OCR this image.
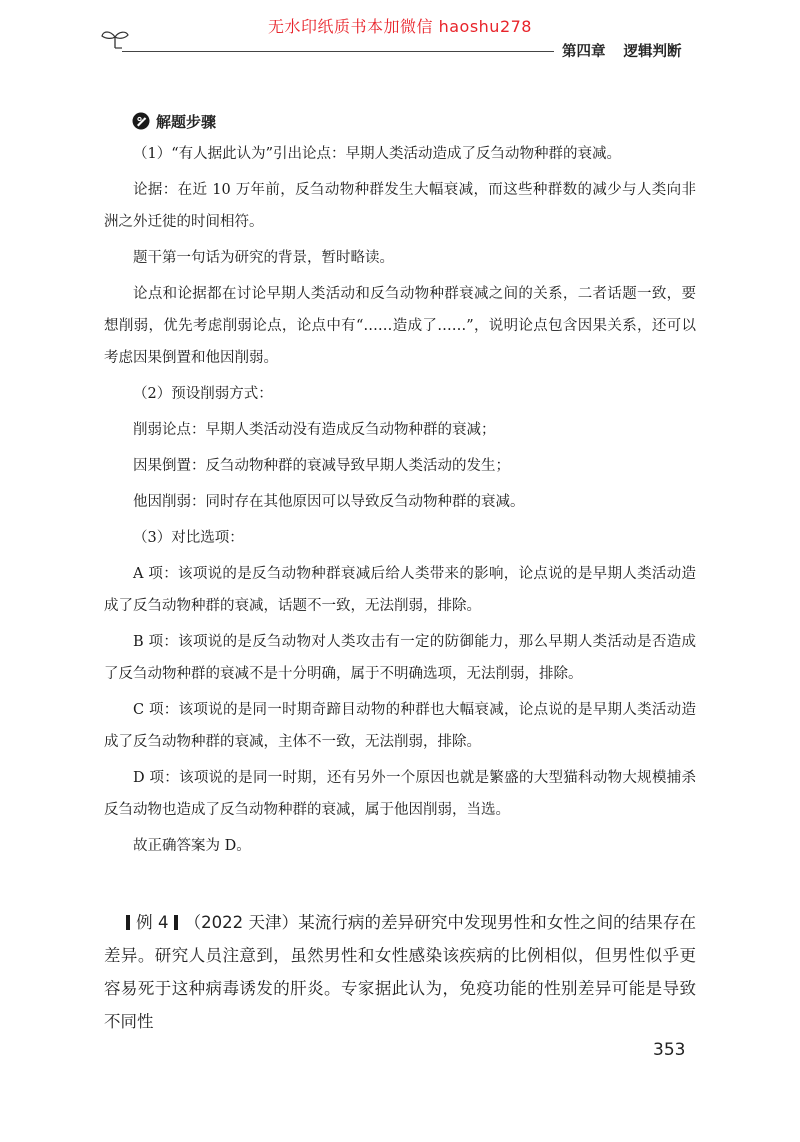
无水印纸质书本加微信 haoshu278
第四章 逻辑判断
解题步骤

（1）“有人据此认为”引出论点：早期人类活动造成了反刍动物种群的衰减。

论据：在近 10 万年前，反刍动物种群发生大幅衰减，而这些种群数的减少与人类向非洲之外迁徙的时间相符。

题干第一句话为研究的背景，暂时略读。

论点和论据都在讨论早期人类活动和反刍动物种群衰减之间的关系，二者话题一致，要想削弱，优先考虑削弱论点，论点中有“……造成了……”，说明论点包含因果关系，还可以考虑因果倒置和他因削弱。

（2）预设削弱方式：

削弱论点：早期人类活动没有造成反刍动物种群的衰减；

因果倒置：反刍动物种群的衰减导致早期人类活动的发生；

他因削弱：同时存在其他原因可以导致反刍动物种群的衰减。

（3）对比选项：

A 项：该项说的是反刍动物种群衰减后给人类带来的影响，论点说的是早期人类活动造成了反刍动物种群的衰减，话题不一致，无法削弱，排除。

B 项：该项说的是反刍动物对人类攻击有一定的防御能力，那么早期人类活动是否造成了反刍动物种群的衰减不是十分明确，属于不明确选项，无法削弱，排除。

C 项：该项说的是同一时期奇蹄目动物的种群也大幅衰减，论点说的是早期人类活动造成了反刍动物种群的衰减，主体不一致，无法削弱，排除。

D 项：该项说的是同一时期，还有另外一个原因也就是繁盛的大型猫科动物大规模捕杀反刍动物也造成了反刍动物种群的衰减，属于他因削弱，当选。

故正确答案为 D。

例 4 （2022 天津）某流行病的差异研究中发现男性和女性之间的结果存在差异。研究人员注意到，虽然男性和女性感染该疾病的比例相似，但男性似乎更容易死于这种病毒诱发的肝炎。专家据此认为，免疫功能的性别差异可能是导致不同性
353
